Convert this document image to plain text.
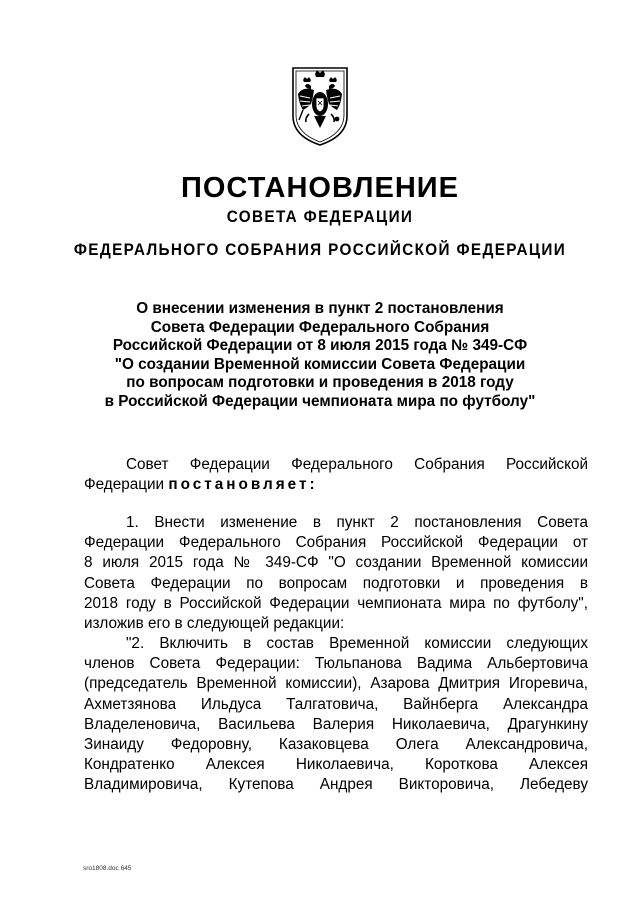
ПОСТАНОВЛЕНИЕ
СОВЕТА ФЕДЕРАЦИИ
ФЕДЕРАЛЬНОГО СОБРАНИЯ РОССИЙСКОЙ ФЕДЕРАЦИИ
О внесении изменения в пункт 2 постановления
Совета Федерации Федерального Собрания
Российской Федерации от 8 июля 2015 года № 349-СФ
"О создании Временной комиссии Совета Федерации
по вопросам подготовки и проведения в 2018 году
в Российской Федерации чемпионата мира по футболу"
Совет Федерации Федерального Собрания Российской
Федерации постановляет:
1. Внести изменение в пункт 2 постановления Совета
Федерации Федерального Собрания Российской Федерации от
8 июля 2015 года № 349-СФ "О создании Временной комиссии
Совета Федерации по вопросам подготовки и проведения в
2018 году в Российской Федерации чемпионата мира по футболу",
изложив его в следующей редакции:
"2. Включить в состав Временной комиссии следующих
членов Совета Федерации: Тюльпанова Вадима Альбертовича
(председатель Временной комиссии), Азарова Дмитрия Игоревича,
Ахметзянова Ильдуса Талгатовича, Вайнберга Александра
Владеленовича, Васильева Валерия Николаевича, Драгункину
Зинаиду Федоровну, Казаковцева Олега Александровича,
Кондратенко Алексея Николаевича, Короткова Алексея
Владимировича, Кутепова Андрея Викторовича, Лебедеву
sro1808.doc 645
